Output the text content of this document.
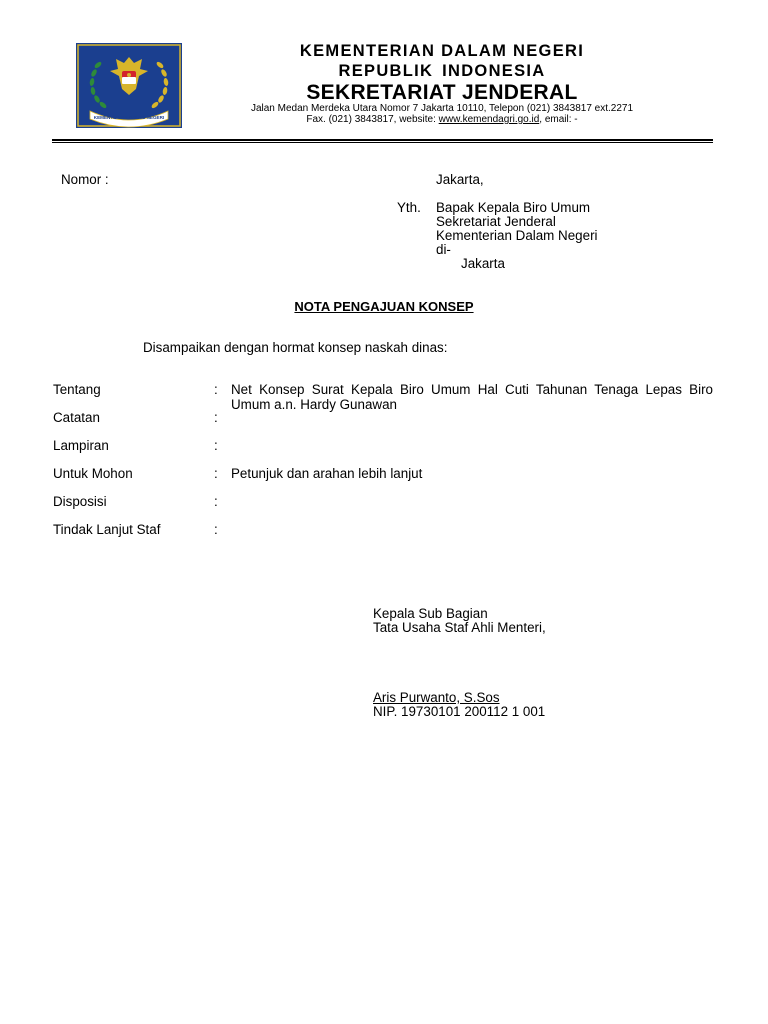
KEMENTERIAN DALAM NEGERI
KEMENTERIAN DALAM NEGERI
REPUBLIK INDONESIA
SEKRETARIAT JENDERAL
Jalan Medan Merdeka Utara Nomor 7 Jakarta 10110, Telepon (021) 3843817 ext.2271
Fax. (021) 3843817, website: www.kemendagri.go.id, email: -
Nomor :	Jakarta,
Yth. Bapak Kepala Biro Umum
Sekretariat Jenderal
Kementerian Dalam Negeri
di-
Jakarta
NOTA PENGAJUAN KONSEP
Disampaikan dengan hormat konsep naskah dinas:
Tentang	: Net Konsep Surat Kepala Biro Umum Hal Cuti Tahunan Tenaga Lepas Biro Umum a.n. Hardy Gunawan
Catatan	:
Lampiran	:
Untuk Mohon	: Petunjuk dan arahan lebih lanjut
Disposisi	:
Tindak Lanjut Staf	:
Kepala Sub Bagian
Tata Usaha Staf Ahli Menteri,
Aris Purwanto, S.Sos
NIP. 19730101 200112 1 001
